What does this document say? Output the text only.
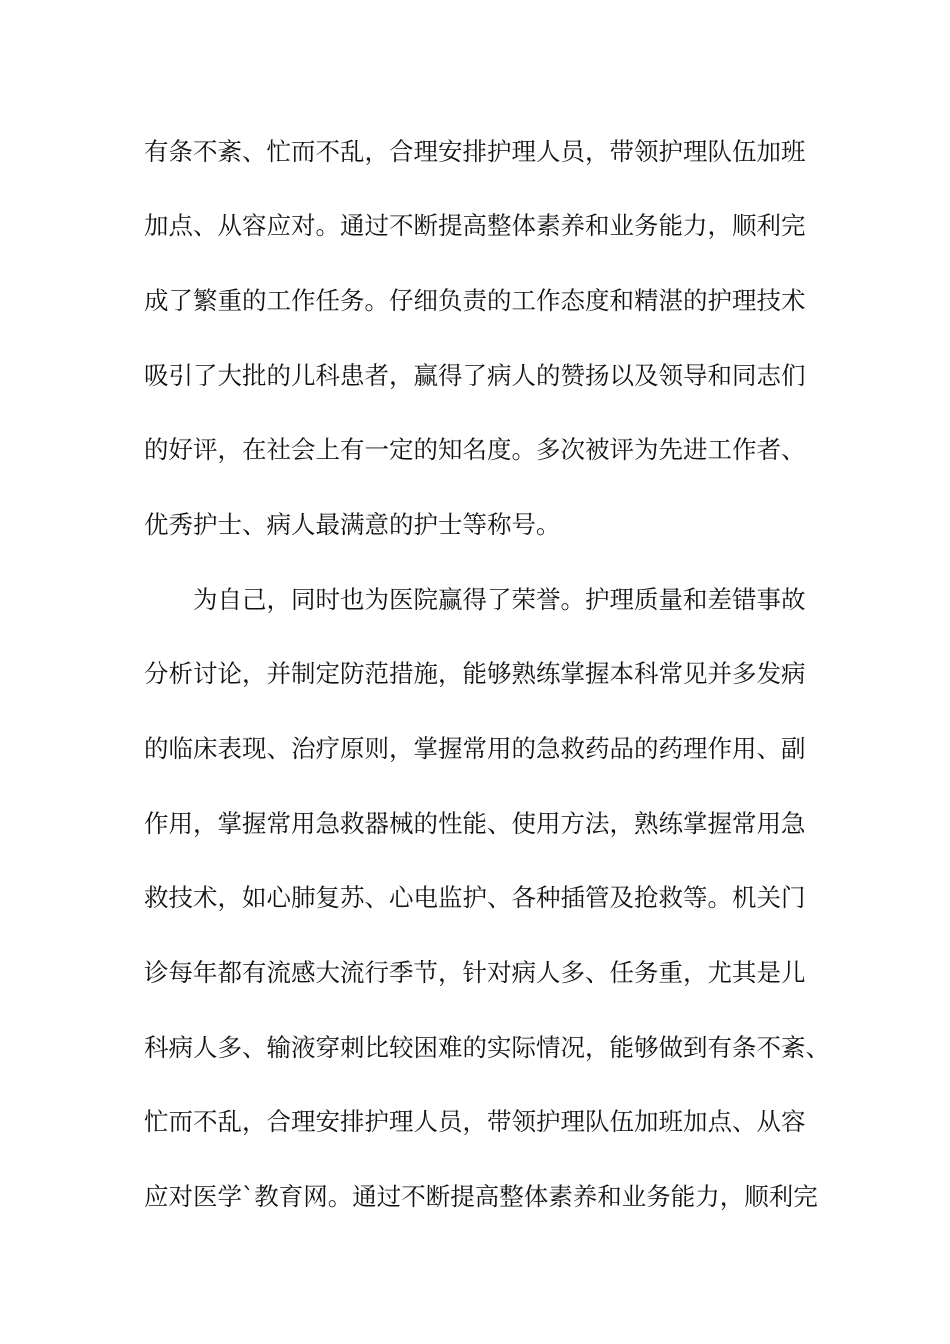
有条不紊、忙而不乱，合理安排护理人员，带领护理队伍加班
加点、从容应对。通过不断提高整体素养和业务能力，顺利完
成了繁重的工作任务。仔细负责的工作态度和精湛的护理技术
吸引了大批的儿科患者，赢得了病人的赞扬以及领导和同志们
的好评，在社会上有一定的知名度。多次被评为先进工作者、
优秀护士、病人最满意的护士等称号。
为自己，同时也为医院赢得了荣誉。护理质量和差错事故
分析讨论，并制定防范措施，能够熟练掌握本科常见并多发病
的临床表现、治疗原则，掌握常用的急救药品的药理作用、副
作用，掌握常用急救器械的性能、使用方法，熟练掌握常用急
救技术，如心肺复苏、心电监护、各种插管及抢救等。机关门
诊每年都有流感大流行季节，针对病人多、任务重，尤其是儿
科病人多、输液穿刺比较困难的实际情况，能够做到有条不紊、
忙而不乱，合理安排护理人员，带领护理队伍加班加点、从容
应对医学`教育网。通过不断提高整体素养和业务能力，顺利完
